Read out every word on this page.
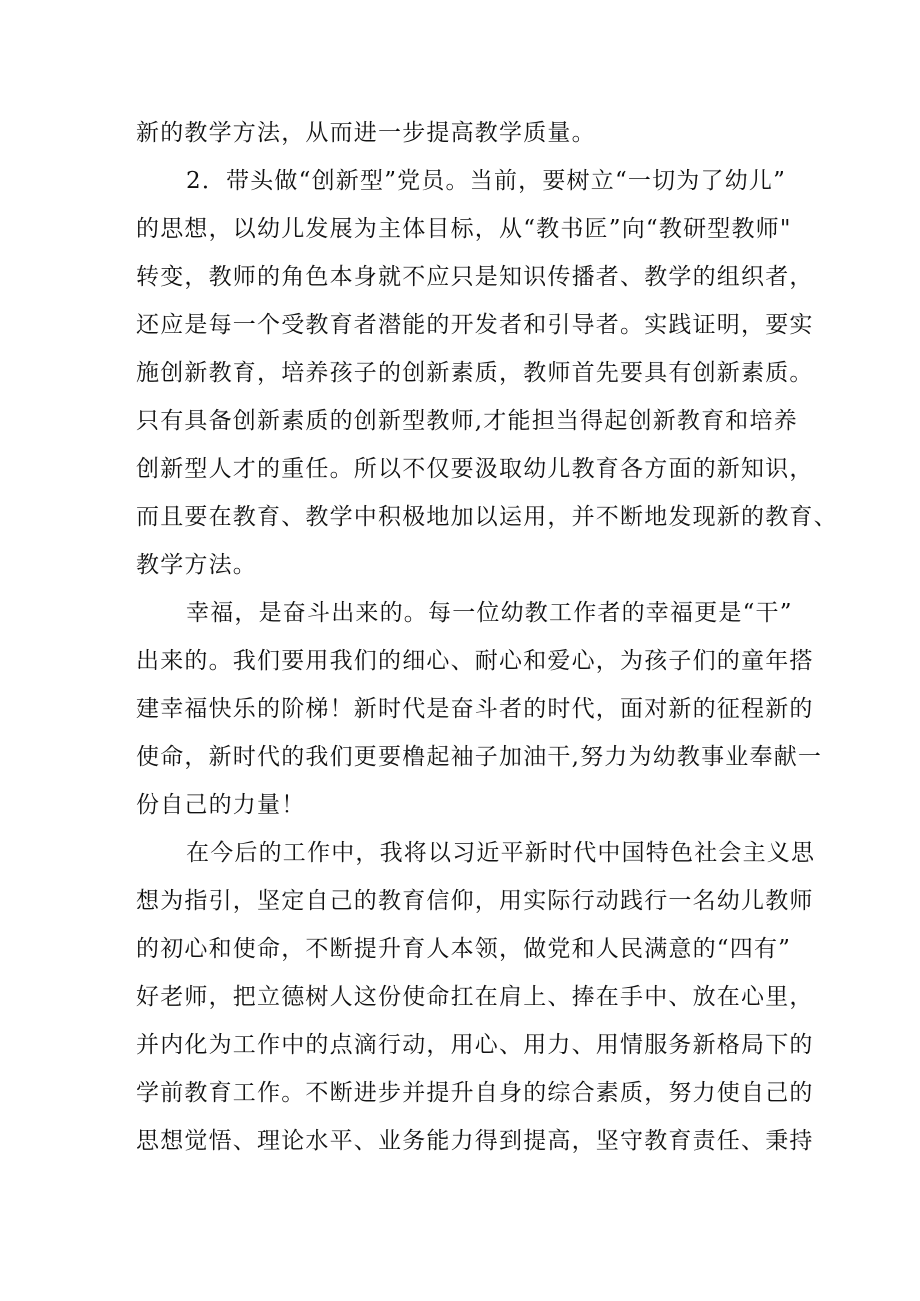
新的教学方法，从而进一步提高教学质量。

2．带头做“创新型”党员。当前，要树立“一切为了幼儿”

的思想，以幼儿发展为主体目标，从“教书匠”向“教研型教师"

转变，教师的角色本身就不应只是知识传播者、教学的组织者，

还应是每一个受教育者潜能的开发者和引导者。实践证明，要实

施创新教育，培养孩子的创新素质，教师首先要具有创新素质。

只有具备创新素质的创新型教师,才能担当得起创新教育和培养

创新型人才的重任。所以不仅要汲取幼儿教育各方面的新知识，

而且要在教育、教学中积极地加以运用，并不断地发现新的教育、

教学方法。

幸福，是奋斗出来的。每一位幼教工作者的幸福更是“干”

出来的。我们要用我们的细心、耐心和爱心，为孩子们的童年搭

建幸福快乐的阶梯！新时代是奋斗者的时代，面对新的征程新的

使命，新时代的我们更要橹起袖子加油干,努力为幼教事业奉献一

份自己的力量！

在今后的工作中，我将以习近平新时代中国特色社会主义思

想为指引，坚定自己的教育信仰，用实际行动践行一名幼儿教师

的初心和使命，不断提升育人本领，做党和人民满意的“四有”

好老师，把立德树人这份使命扛在肩上、捧在手中、放在心里，

并内化为工作中的点滴行动，用心、用力、用情服务新格局下的

学前教育工作。不断进步并提升自身的综合素质，努力使自己的

思想觉悟、理论水平、业务能力得到提高，坚守教育责任、秉持
